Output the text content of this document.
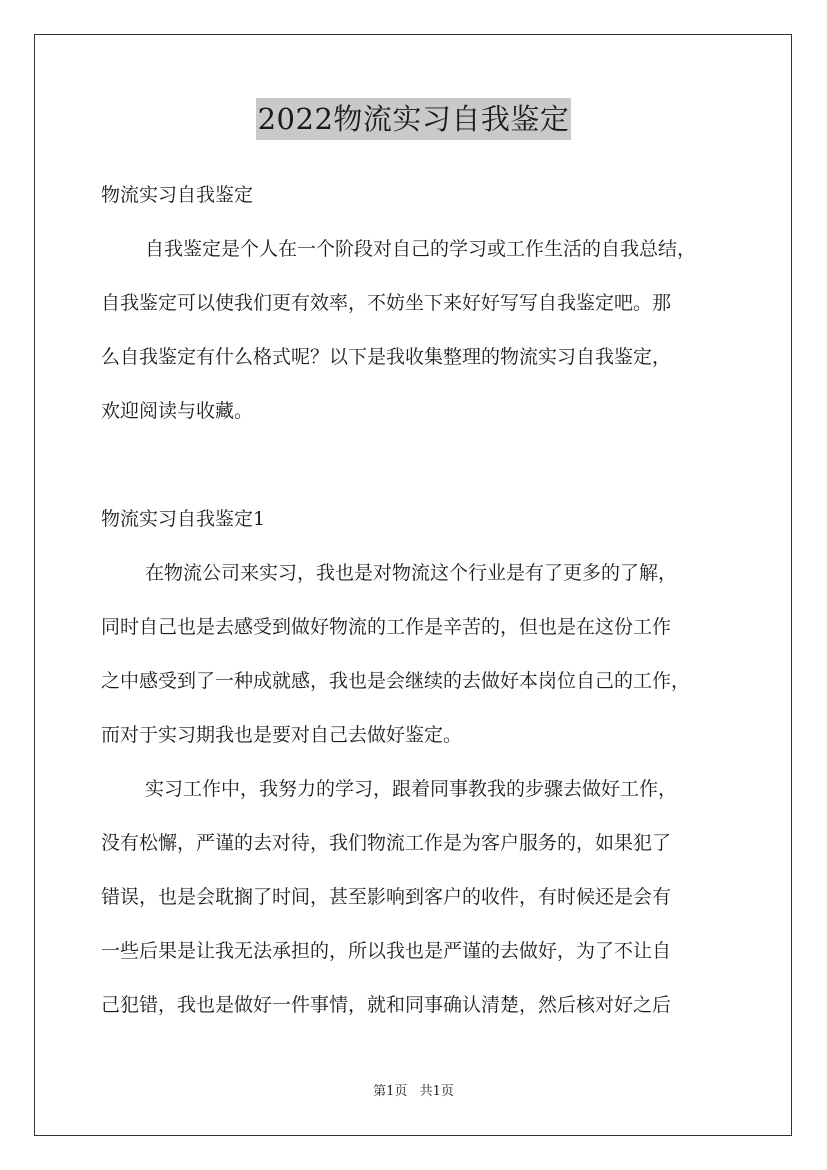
2022物流实习自我鉴定
物流实习自我鉴定
自我鉴定是个人在一个阶段对自己的学习或工作生活的自我总结，
自我鉴定可以使我们更有效率，不妨坐下来好好写写自我鉴定吧。那
么自我鉴定有什么格式呢？以下是我收集整理的物流实习自我鉴定，
欢迎阅读与收藏。
物流实习自我鉴定1
在物流公司来实习，我也是对物流这个行业是有了更多的了解，
同时自己也是去感受到做好物流的工作是辛苦的，但也是在这份工作
之中感受到了一种成就感，我也是会继续的去做好本岗位自己的工作，
而对于实习期我也是要对自己去做好鉴定。
实习工作中，我努力的学习，跟着同事教我的步骤去做好工作，
没有松懈，严谨的去对待，我们物流工作是为客户服务的，如果犯了
错误，也是会耽搁了时间，甚至影响到客户的收件，有时候还是会有
一些后果是让我无法承担的，所以我也是严谨的去做好，为了不让自
己犯错，我也是做好一件事情，就和同事确认清楚，然后核对好之后
第1页 共1页
